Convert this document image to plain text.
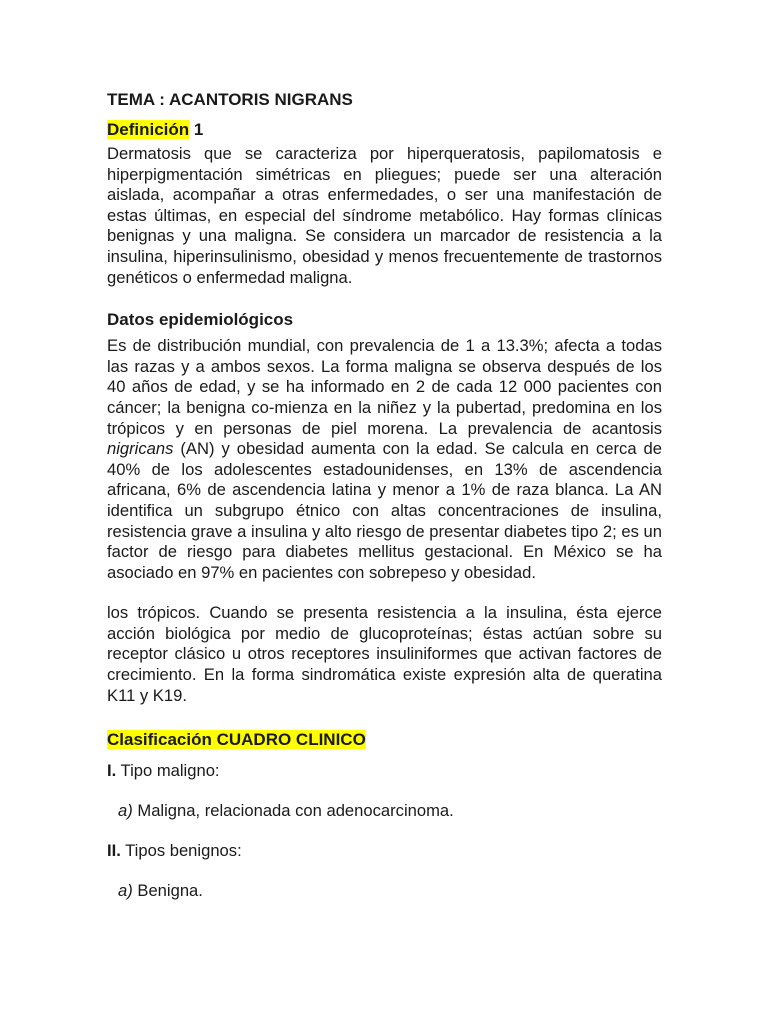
TEMA : ACANTORIS NIGRANS
Definición 1

Dermatosis que se caracteriza por hiperqueratosis, papilomatosis e hiperpigmentación simétricas en pliegues; puede ser una alteración aislada, acompañar a otras enfermedades, o ser una manifestación de estas últimas, en especial del síndrome metabólico. Hay formas clínicas benignas y una maligna. Se considera un marcador de resistencia a la insulina, hiperinsulinismo, obesidad y menos frecuentemente de trastornos genéticos o enfermedad maligna.

Datos epidemiológicos

Es de distribución mundial, con prevalencia de 1 a 13.3%; afecta a todas las razas y a ambos sexos. La forma maligna se observa después de los 40 años de edad, y se ha informado en 2 de cada 12 000 pacientes con cáncer; la benigna co-mienza en la niñez y la pubertad, predomina en los trópicos y en personas de piel morena. La prevalencia de acantosis nigricans (AN) y obesidad aumenta con la edad. Se calcula en cerca de 40% de los adolescentes estadounidenses, en 13% de ascendencia africana, 6% de ascendencia latina y menor a 1% de raza blanca. La AN identifica un subgrupo étnico con altas concentraciones de insulina, resistencia grave a insulina y alto riesgo de presentar diabetes tipo 2; es un factor de riesgo para diabetes mellitus gestacional. En México se ha asociado en 97% en pacientes con sobrepeso y obesidad.

los trópicos. Cuando se presenta resistencia a la insulina, ésta ejerce acción biológica por medio de glucoproteínas; éstas actúan sobre su receptor clásico u otros receptores insuliniformes que activan factores de crecimiento. En la forma sindromática existe expresión alta de queratina K11 y K19.

Clasificación CUADRO CLINICO
I. Tipo maligno:
a) Maligna, relacionada con adenocarcinoma.
II. Tipos benignos:
a) Benigna.
